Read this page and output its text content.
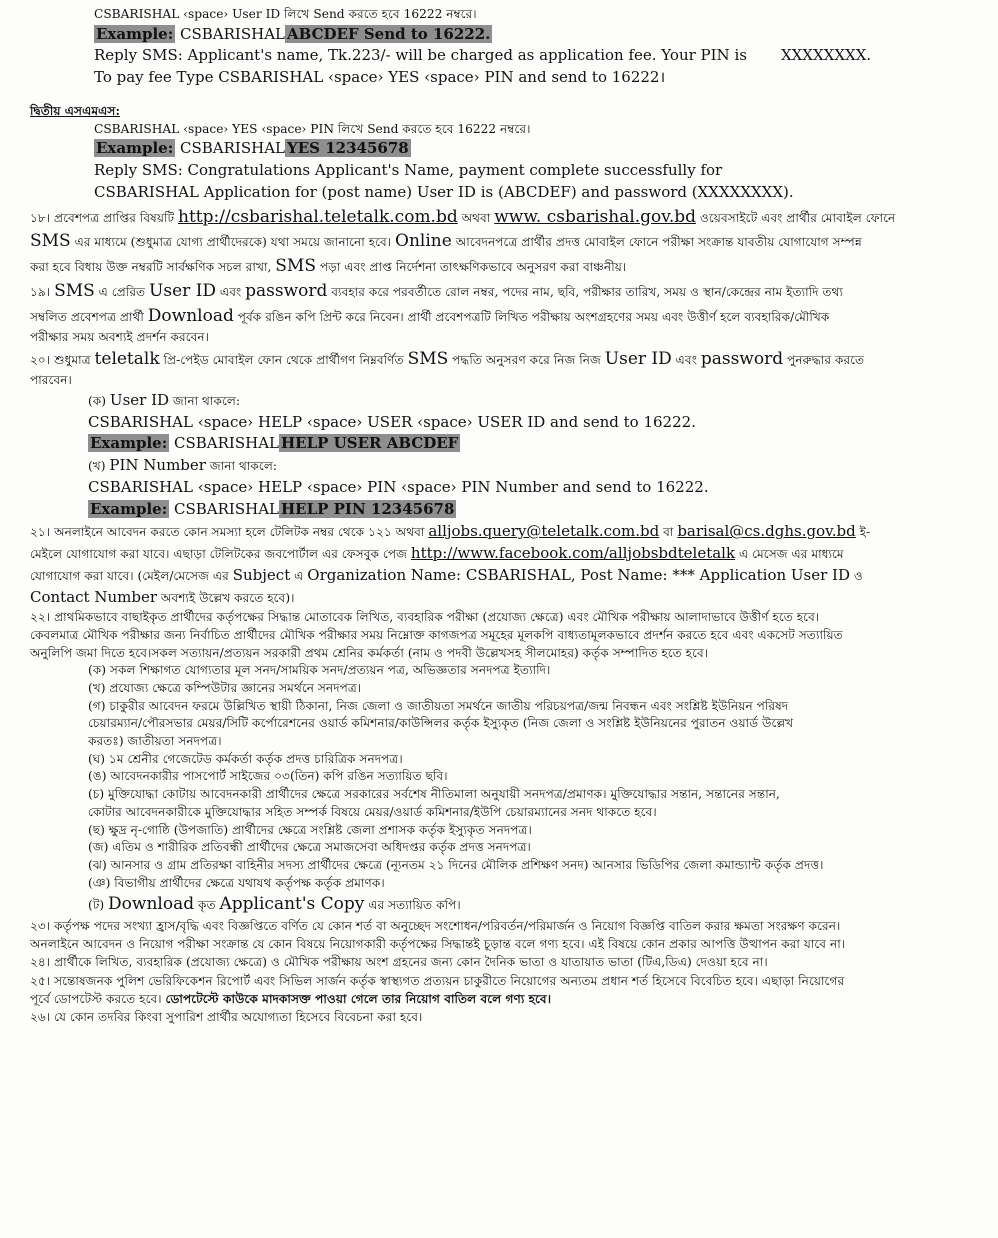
CSBARISHAL ‹space› User ID লিখে Send করতে হবে 16222 নম্বরে।
Example: CSBARISHAL ABCDEF Send to 16222.
Reply SMS: Applicant's name, Tk.223/- will be charged as application fee. Your PIN is XXXXXXXX.
To pay fee Type CSBARISHAL ‹space› YES ‹space› PIN and send to 16222।
দ্বিতীয় এসএমএস:
CSBARISHAL ‹space› YES ‹space› PIN লিখে Send করতে হবে 16222 নম্বরে।
Example: CSBARISHAL YES 12345678
Reply SMS: Congratulations Applicant's Name, payment complete successfully for
CSBARISHAL Application for (post name) User ID is (ABCDEF) and password (XXXXXXXX).
১৮। প্রবেশপত্র প্রাপ্তির বিষয়টি http://csbarishal.teletalk.com.bd অথবা www. csbarishal.gov.bd ওয়েবসাইটে এবং প্রার্থীর মোবাইল ফোনে
SMS এর মাধ্যমে (শুধুমাত্র যোগ্য প্রার্থীদেরকে) যথা সময়ে জানানো হবে। Online আবেদনপত্রে প্রার্থীর প্রদত্ত মোবাইল ফোনে পরীক্ষা সংক্রান্ত যাবতীয় যোগাযোগ সম্পন্ন
করা হবে বিধায় উক্ত নম্বরটি সার্বক্ষণিক সচল রাখা, SMS পড়া এবং প্রাপ্ত নির্দেশনা তাৎক্ষণিকভাবে অনুসরণ করা বাঞ্চনীয়।
১৯। SMS এ প্রেরিত User ID এবং password ব্যবহার করে পরবর্তীতে রোল নম্বর, পদের নাম, ছবি, পরীক্ষার তারিখ, সময় ও স্থান/কেন্দ্রের নাম ইত্যাদি তথ্য
সম্বলিত প্রবেশপত্র প্রার্থী Download পূর্বক রঙিন কপি প্রিন্ট করে নিবেন। প্রার্থী প্রবেশপত্রটি লিখিত পরীক্ষায় অংশগ্রহণের সময় এবং উত্তীর্ণ হলে ব্যবহারিক/মৌখিক
পরীক্ষার সময় অবশ্যই প্রদর্শন করবেন।
২০। শুধুমাত্র teletalk প্রি-পেইড মোবাইল ফোন থেকে প্রার্থীগণ নিম্নবর্ণিত SMS পদ্ধতি অনুসরণ করে নিজ নিজ User ID এবং password পুনরুদ্ধার করতে
পারবেন।
(ক) User ID জানা থাকলে:
CSBARISHAL ‹space› HELP ‹space› USER ‹space› USER ID and send to 16222.
Example: CSBARISHAL HELP USER ABCDEF
(খ) PIN Number জানা থাকলে:
CSBARISHAL ‹space› HELP ‹space› PIN ‹space› PIN Number and send to 16222.
Example: CSBARISHAL HELP PIN 12345678
২১। অনলাইনে আবেদন করতে কোন সমস্যা হলে টেলিটক নম্বর থেকে ১২১ অথবা alljobs.query@teletalk.com.bd বা barisal@cs.dghs.gov.bd ই-
মেইলে যোগাযোগ করা যাবে। এছাড়া টেলিটকের জবপোর্টাল এর ফেসবুক পেজ http://www.facebook.com/alljobsbdteletalk এ মেসেজ এর মাধ্যমে
যোগাযোগ করা যাবে। (মেইল/মেসেজ এর Subject এ Organization Name: CSBARISHAL, Post Name: *** Application User ID ও
Contact Number অবশ্যই উল্লেখ করতে হবে)।
২২। প্রাথমিকভাবে বাছাইকৃত প্রার্থীদের কর্তৃপক্ষের সিদ্ধান্ত মোতাবেক লিখিত, ব্যবহারিক পরীক্ষা (প্রযোজ্য ক্ষেত্রে) এবং মৌখিক পরীক্ষায় আলাদাভাবে উত্তীর্ণ হতে হবে।
কেবলমাত্র মৌখিক পরীক্ষার জন্য নির্বাচিত প্রার্থীদের মৌখিক পরীক্ষার সময় নিম্নোক্ত কাগজপত্র সমূহের মূলকপি বাধ্যতামূলকভাবে প্রদর্শন করতে হবে এবং একসেট সত্যায়িত
অনুলিপি জমা দিতে হবে।সকল সত্যায়ন/প্রত্যয়ন সরকারী প্রথম শ্রেনির কর্মকর্তা (নাম ও পদবী উল্লেখসহ সীলমোহর) কর্তৃক সম্পাদিত হতে হবে।
(ক) সকল শিক্ষাগত যোগ্যতার মূল সনদ/সাময়িক সনদ/প্রত্যয়ন পত্র, অভিজ্ঞতার সনদপত্র ইত্যাদি।
(খ) প্রযোজ্য ক্ষেত্রে কম্পিউটার জ্ঞানের সমর্থনে সনদপত্র।
(গ) চাকুরীর আবেদন ফরমে উল্লিখিত স্থায়ী ঠিকানা, নিজ জেলা ও জাতীয়তা সমর্থনে জাতীয় পরিচয়পত্র/জন্ম নিবন্ধন এবং সংশ্লিষ্ট ইউনিয়ন পরিষদ
চেয়ারম্যান/পৌরসভার মেয়র/সিটি কর্পোরেশনের ওয়ার্ড কমিশনার/কাউন্সিলর কর্তৃক ইস্যুকৃত (নিজ জেলা ও সংশ্লিষ্ট ইউনিয়নের পুরাতন ওয়ার্ড উল্লেখ
করতঃ) জাতীয়তা সনদপত্র।
(ঘ) ১ম শ্রেনীর গেজেটেড কর্মকর্তা কর্তৃক প্রদত্ত চারিত্রিক সনদপত্র।
(ঙ) আবেদনকারীর পাসপোর্ট সাইজের ০৩(তিন) কপি রঙিন সত্যায়িত ছবি।
(চ) মুক্তিযোদ্ধা কোটায় আবেদনকারী প্রার্থীদের ক্ষেত্রে সরকারের সর্বশেষ নীতিমালা অনুযায়ী সনদপত্র/প্রমাণক। মুক্তিযোদ্ধার সন্তান, সন্তানের সন্তান,
কোটার আবেদনকারীকে মুক্তিযোদ্ধার সহিত সম্পর্ক বিষয়ে মেয়র/ওয়ার্ড কমিশনার/ইউপি চেয়ারম্যানের সনদ থাকতে হবে।
(ছ) ক্ষুদ্র নৃ-গোষ্ঠি (উপজাতি) প্রার্থীদের ক্ষেত্রে সংশ্লিষ্ট জেলা প্রশাসক কর্তৃক ইস্যুকৃত সনদপত্র।
(জ) এতিম ও শারীরিক প্রতিবন্ধী প্রার্থীদের ক্ষেত্রে সমাজসেবা অধিদপ্তর কর্তৃক প্রদত্ত সনদপত্র।
(ঝ) আনসার ও গ্রাম প্রতিরক্ষা বাহিনীর সদস্য প্রার্থীদের ক্ষেত্রে (ন্যূনতম ২১ দিনের মৌলিক প্রশিক্ষণ সনদ) আনসার ভিডিপির জেলা কমান্ড্যান্ট কর্তৃক প্রদত্ত।
(ঞ) বিভাগীয় প্রার্থীদের ক্ষেত্রে যথাযথ কর্তৃপক্ষ কর্তৃক প্রমাণক।
(ট) Download কৃত Applicant's Copy এর সত্যায়িত কপি।
২৩। কর্তৃপক্ষ পদের সংখ্যা হ্রাস/বৃদ্ধি এবং বিজ্ঞপ্তিতে বর্ণিত যে কোন শর্ত বা অনুচ্ছেদ সংশোধন/পরিবর্তন/পরিমার্জন ও নিয়োগ বিজ্ঞপ্তি বাতিল করার ক্ষমতা সংরক্ষণ করেন।
অনলাইনে আবেদন ও নিয়োগ পরীক্ষা সংক্রান্ত যে কোন বিষয়ে নিয়োগকারী কর্তৃপক্ষের সিদ্ধান্তই চূড়ান্ত বলে গণ্য হবে। এই বিষয়ে কোন প্রকার আপত্তি উত্থাপন করা যাবে না।
২৪। প্রার্থীকে লিখিত, ব্যবহারিক (প্রযোজ্য ক্ষেত্রে) ও মৌখিক পরীক্ষায় অংশ গ্রহনের জন্য কোন দৈনিক ভাতা ও যাতায়াত ভাতা (টিএ,ডিএ) দেওয়া হবে না।
২৫। সন্তোষজনক পুলিশ ভেরিফিকেশন রিপোর্ট এবং সিভিল সার্জন কর্তৃক স্বাস্থ্যগত প্রত্যয়ন চাকুরীতে নিয়োগের অন্যতম প্রধান শর্ত হিসেবে বিবেচিত হবে। এছাড়া নিয়োগের
পূর্বে ডোপটেস্ট করতে হবে। ডোপটেস্টে কাউকে মাদকাসক্ত পাওয়া গেলে তার নিয়োগ বাতিল বলে গণ্য হবে।
২৬। যে কোন তদবির কিংবা সুপারিশ প্রার্থীর অযোগ্যতা হিসেবে বিবেচনা করা হবে।
